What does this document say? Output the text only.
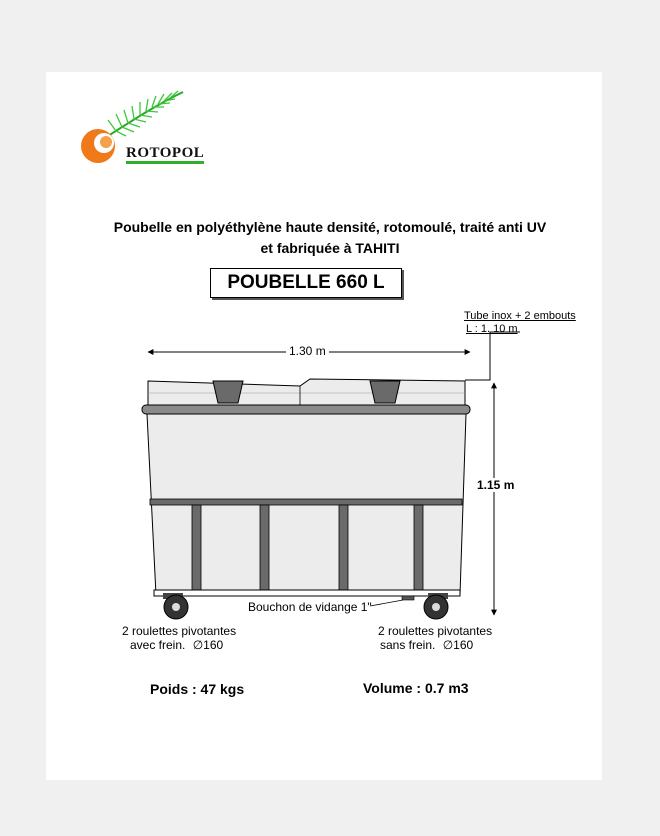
ROTOPOL
Poubelle en polyéthylène haute densité, rotomoulé, traité anti UV
et fabriquée à TAHITI
POUBELLE 660 L
Tube inox + 2 embouts
L : 1. 10 m
1.30 m
1.15 m
Bouchon de vidange 1"
2 roulettes pivotantes
avec frein. ∅160
2 roulettes pivotantes
sans frein. ∅160
Poids : 47 kgs	Volume : 0.7 m3
